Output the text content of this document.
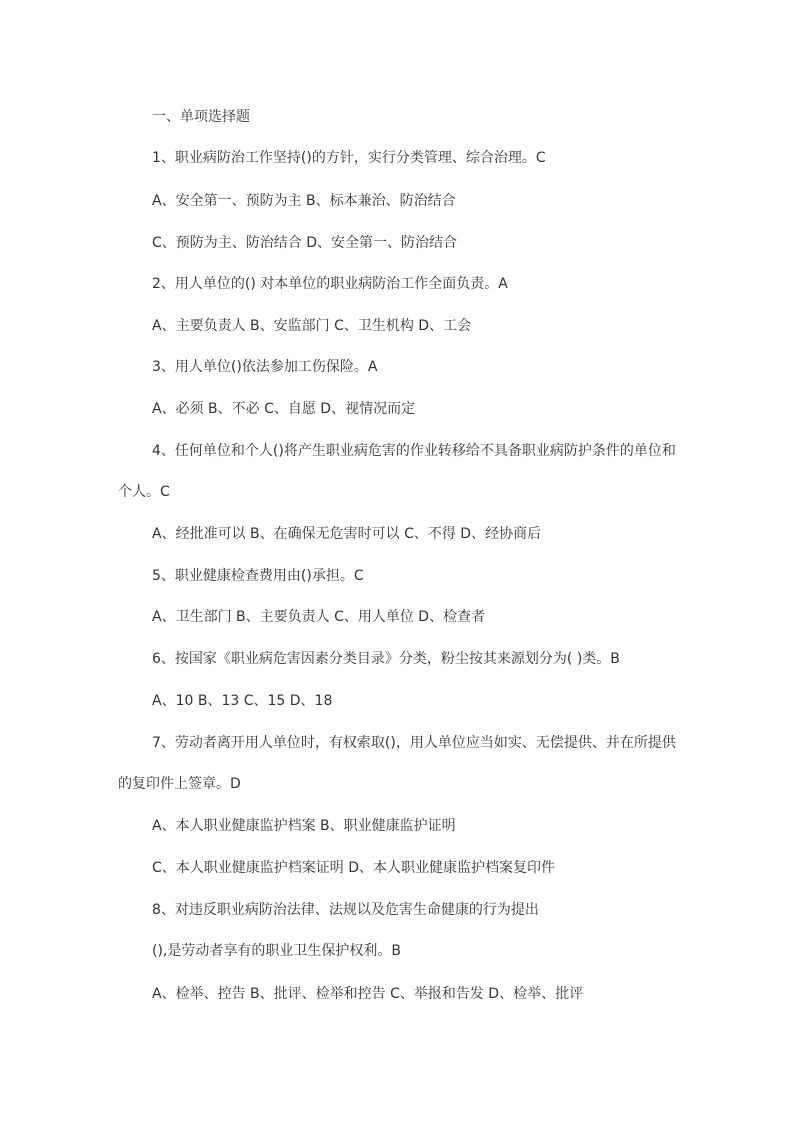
一、单项选择题
1、职业病防治工作坚持()的方针，实行分类管理、综合治理。C
A、安全第一、预防为主 B、标本兼治、防治结合
C、预防为主、防治结合 D、安全第一、防治结合
2、用人单位的() 对本单位的职业病防治工作全面负责。A
A、主要负责人 B、安监部门 C、卫生机构 D、工会
3、用人单位()依法参加工伤保险。A
A、必须 B、不必 C、自愿 D、视情况而定
4、任何单位和个人()将产生职业病危害的作业转移给不具备职业病防护条件的单位和
个人。C
A、经批准可以 B、在确保无危害时可以 C、不得 D、经协商后
5、职业健康检查费用由()承担。C
A、卫生部门 B、主要负责人 C、用人单位 D、检查者
6、按国家《职业病危害因素分类目录》分类，粉尘按其来源划分为( )类。B
A、10 B、13 C、15 D、18
7、劳动者离开用人单位时，有权索取()，用人单位应当如实、无偿提供、并在所提供
的复印件上签章。D
A、本人职业健康监护档案 B、职业健康监护证明
C、本人职业健康监护档案证明 D、本人职业健康监护档案复印件
8、对违反职业病防治法律、法规以及危害生命健康的行为提出
(),是劳动者享有的职业卫生保护权利。B
A、检举、控告 B、批评、检举和控告 C、举报和告发 D、检举、批评
